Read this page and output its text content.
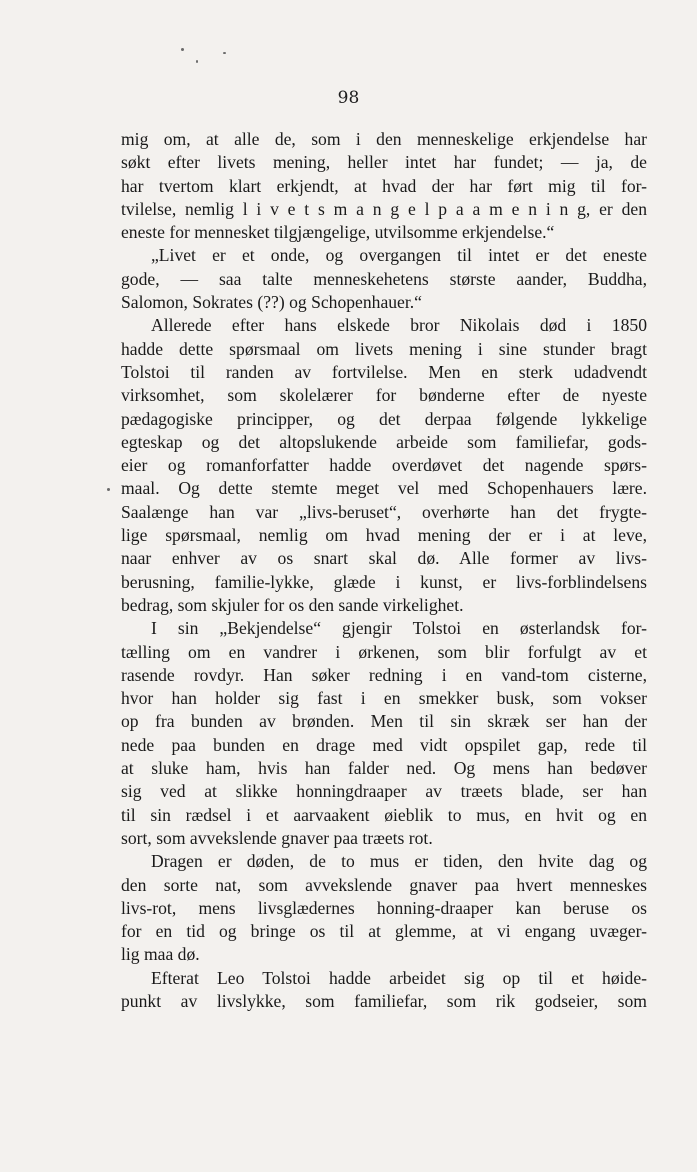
98
mig om, at alle de, som i den menneskelige erkjendelse har
søkt efter livets mening, heller intet har fundet; — ja, de
har tvertom klart erkjendt, at hvad der har ført mig til for-
tvilelse, nemlig l i v e t s m a n g e l p a a m e n i n g, er den
eneste for mennesket tilgjængelige, utvilsomme erkjendelse.“
„Livet er et onde, og overgangen til intet er det eneste
gode, — saa talte menneskehetens største aander, Buddha,
Salomon, Sokrates (??) og Schopenhauer.“
Allerede efter hans elskede bror Nikolais død i 1850
hadde dette spørsmaal om livets mening i sine stunder bragt
Tolstoi til randen av fortvilelse. Men en sterk udadvendt
virksomhet, som skolelærer for bønderne efter de nyeste
pædagogiske principper, og det derpaa følgende lykkelige
egteskap og det altopslukende arbeide som familiefar, gods-
eier og romanforfatter hadde overdøvet det nagende spørs-
maal. Og dette stemte meget vel med Schopenhauers lære.
Saalænge han var „livs-beruset“, overhørte han det frygte-
lige spørsmaal, nemlig om hvad mening der er i at leve,
naar enhver av os snart skal dø. Alle former av livs-
berusning, familie-lykke, glæde i kunst, er livs-forblindelsens
bedrag, som skjuler for os den sande virkelighet.
I sin „Bekjendelse“ gjengir Tolstoi en østerlandsk for-
tælling om en vandrer i ørkenen, som blir forfulgt av et
rasende rovdyr. Han søker redning i en vand-tom cisterne,
hvor han holder sig fast i en smekker busk, som vokser
op fra bunden av brønden. Men til sin skræk ser han der
nede paa bunden en drage med vidt opspilet gap, rede til
at sluke ham, hvis han falder ned. Og mens han bedøver
sig ved at slikke honningdraaper av træets blade, ser han
til sin rædsel i et aarvaakent øieblik to mus, en hvit og en
sort, som avvekslende gnaver paa træets rot.
Dragen er døden, de to mus er tiden, den hvite dag og
den sorte nat, som avvekslende gnaver paa hvert menneskes
livs-rot, mens livsglædernes honning-draaper kan beruse os
for en tid og bringe os til at glemme, at vi engang uvæger-
lig maa dø.
Efterat Leo Tolstoi hadde arbeidet sig op til et høide-
punkt av livslykke, som familiefar, som rik godseier, som
